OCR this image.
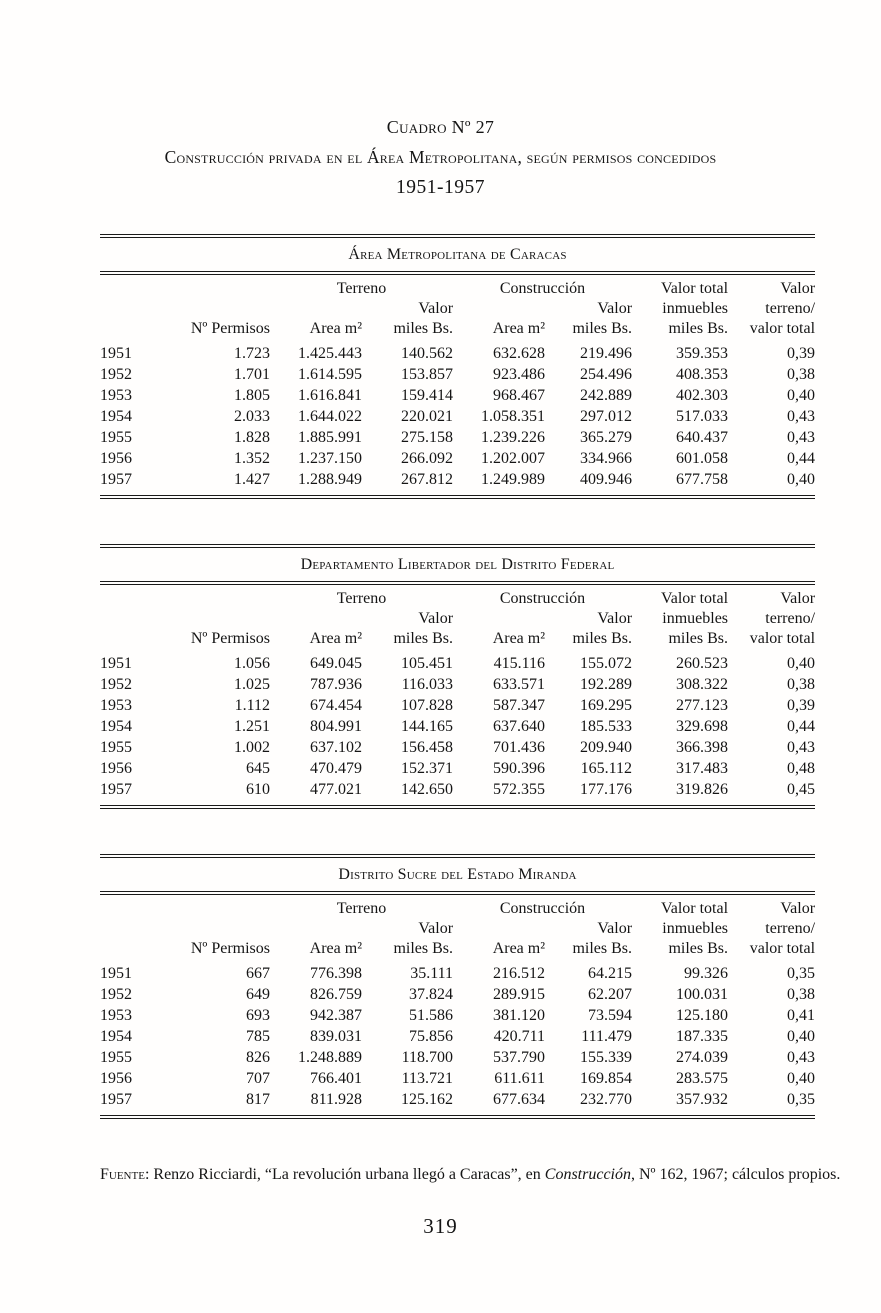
Cuadro Nº 27
Construcción privada en el Área Metropolitana, según permisos concedidos
1951-1957
Área Metropolitana de Caracas
		Terreno		Construcción		Valor total	Valor
			Valor		Valor	inmuebles	terreno/
	Nº Permisos	Area m²	miles Bs.	Area m²	miles Bs.	miles Bs.	valor total
1951	1.723	1.425.443	140.562	632.628	219.496	359.353	0,39
1952	1.701	1.614.595	153.857	923.486	254.496	408.353	0,38
1953	1.805	1.616.841	159.414	968.467	242.889	402.303	0,40
1954	2.033	1.644.022	220.021	1.058.351	297.012	517.033	0,43
1955	1.828	1.885.991	275.158	1.239.226	365.279	640.437	0,43
1956	1.352	1.237.150	266.092	1.202.007	334.966	601.058	0,44
1957	1.427	1.288.949	267.812	1.249.989	409.946	677.758	0,40
Departamento Libertador del Distrito Federal
		Terreno		Construcción		Valor total	Valor
			Valor		Valor	inmuebles	terreno/
	Nº Permisos	Area m²	miles Bs.	Area m²	miles Bs.	miles Bs.	valor total
1951	1.056	649.045	105.451	415.116	155.072	260.523	0,40
1952	1.025	787.936	116.033	633.571	192.289	308.322	0,38
1953	1.112	674.454	107.828	587.347	169.295	277.123	0,39
1954	1.251	804.991	144.165	637.640	185.533	329.698	0,44
1955	1.002	637.102	156.458	701.436	209.940	366.398	0,43
1956	645	470.479	152.371	590.396	165.112	317.483	0,48
1957	610	477.021	142.650	572.355	177.176	319.826	0,45
Distrito Sucre del Estado Miranda
		Terreno		Construcción		Valor total	Valor
			Valor		Valor	inmuebles	terreno/
	Nº Permisos	Area m²	miles Bs.	Area m²	miles Bs.	miles Bs.	valor total
1951	667	776.398	35.111	216.512	64.215	99.326	0,35
1952	649	826.759	37.824	289.915	62.207	100.031	0,38
1953	693	942.387	51.586	381.120	73.594	125.180	0,41
1954	785	839.031	75.856	420.711	111.479	187.335	0,40
1955	826	1.248.889	118.700	537.790	155.339	274.039	0,43
1956	707	766.401	113.721	611.611	169.854	283.575	0,40
1957	817	811.928	125.162	677.634	232.770	357.932	0,35

Fuente: Renzo Ricciardi, “La revolución urbana llegó a Caracas”, en Construcción, Nº 162, 1967; cálculos propios.

319
